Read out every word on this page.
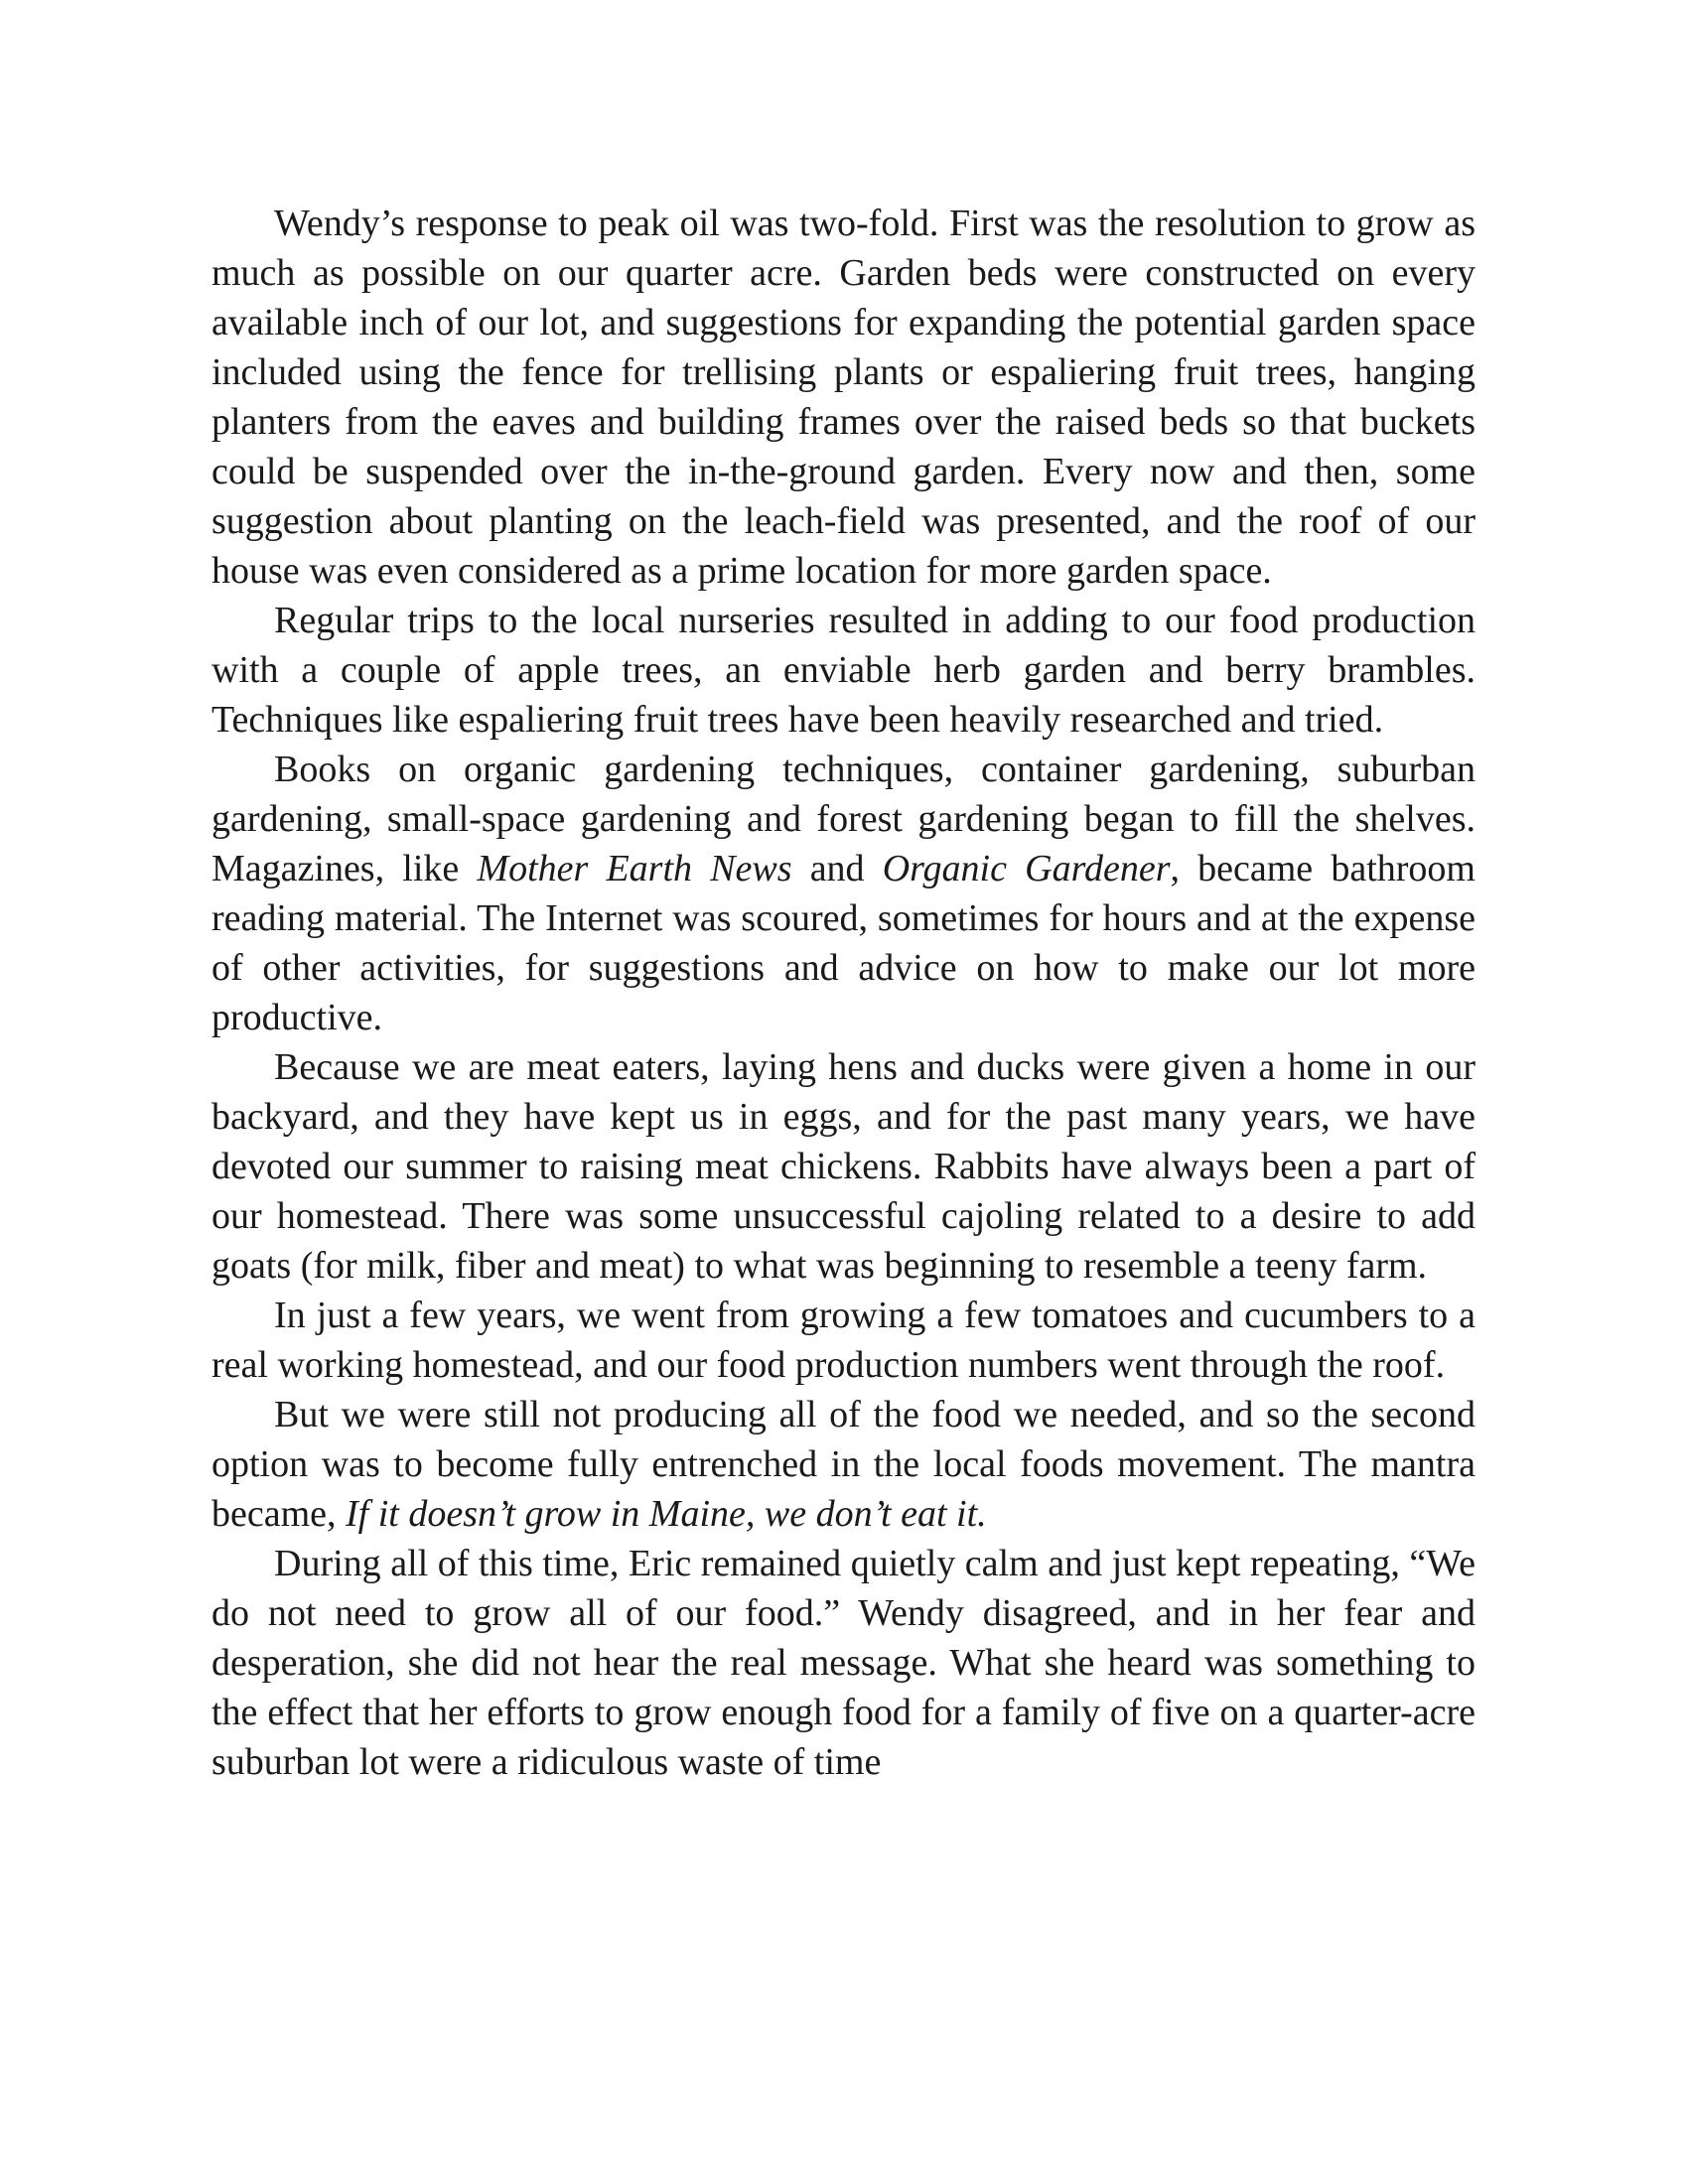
Wendy’s response to peak oil was two-fold. First was the resolution to grow as much as possible on our quarter acre. Garden beds were constructed on every available inch of our lot, and suggestions for expanding the potential garden space included using the fence for trellising plants or espaliering fruit trees, hanging planters from the eaves and building frames over the raised beds so that buckets could be suspended over the in-the-ground garden. Every now and then, some suggestion about planting on the leach-field was presented, and the roof of our house was even considered as a prime location for more garden space.

Regular trips to the local nurseries resulted in adding to our food production with a couple of apple trees, an enviable herb garden and berry brambles. Techniques like espaliering fruit trees have been heavily researched and tried.

Books on organic gardening techniques, container gardening, suburban gardening, small-space gardening and forest gardening began to fill the shelves. Magazines, like Mother Earth News and Organic Gardener, became bathroom reading material. The Internet was scoured, sometimes for hours and at the expense of other activities, for suggestions and advice on how to make our lot more productive.

Because we are meat eaters, laying hens and ducks were given a home in our backyard, and they have kept us in eggs, and for the past many years, we have devoted our summer to raising meat chickens. Rabbits have always been a part of our homestead. There was some unsuccessful cajoling related to a desire to add goats (for milk, fiber and meat) to what was beginning to resemble a teeny farm.

In just a few years, we went from growing a few tomatoes and cucumbers to a real working homestead, and our food production numbers went through the roof.

But we were still not producing all of the food we needed, and so the second option was to become fully entrenched in the local foods movement. The mantra became, If it doesn’t grow in Maine, we don’t eat it.

During all of this time, Eric remained quietly calm and just kept repeating, “We do not need to grow all of our food.” Wendy disagreed, and in her fear and desperation, she did not hear the real message. What she heard was something to the effect that her efforts to grow enough food for a family of five on a quarter-acre suburban lot were a ridiculous waste of time
